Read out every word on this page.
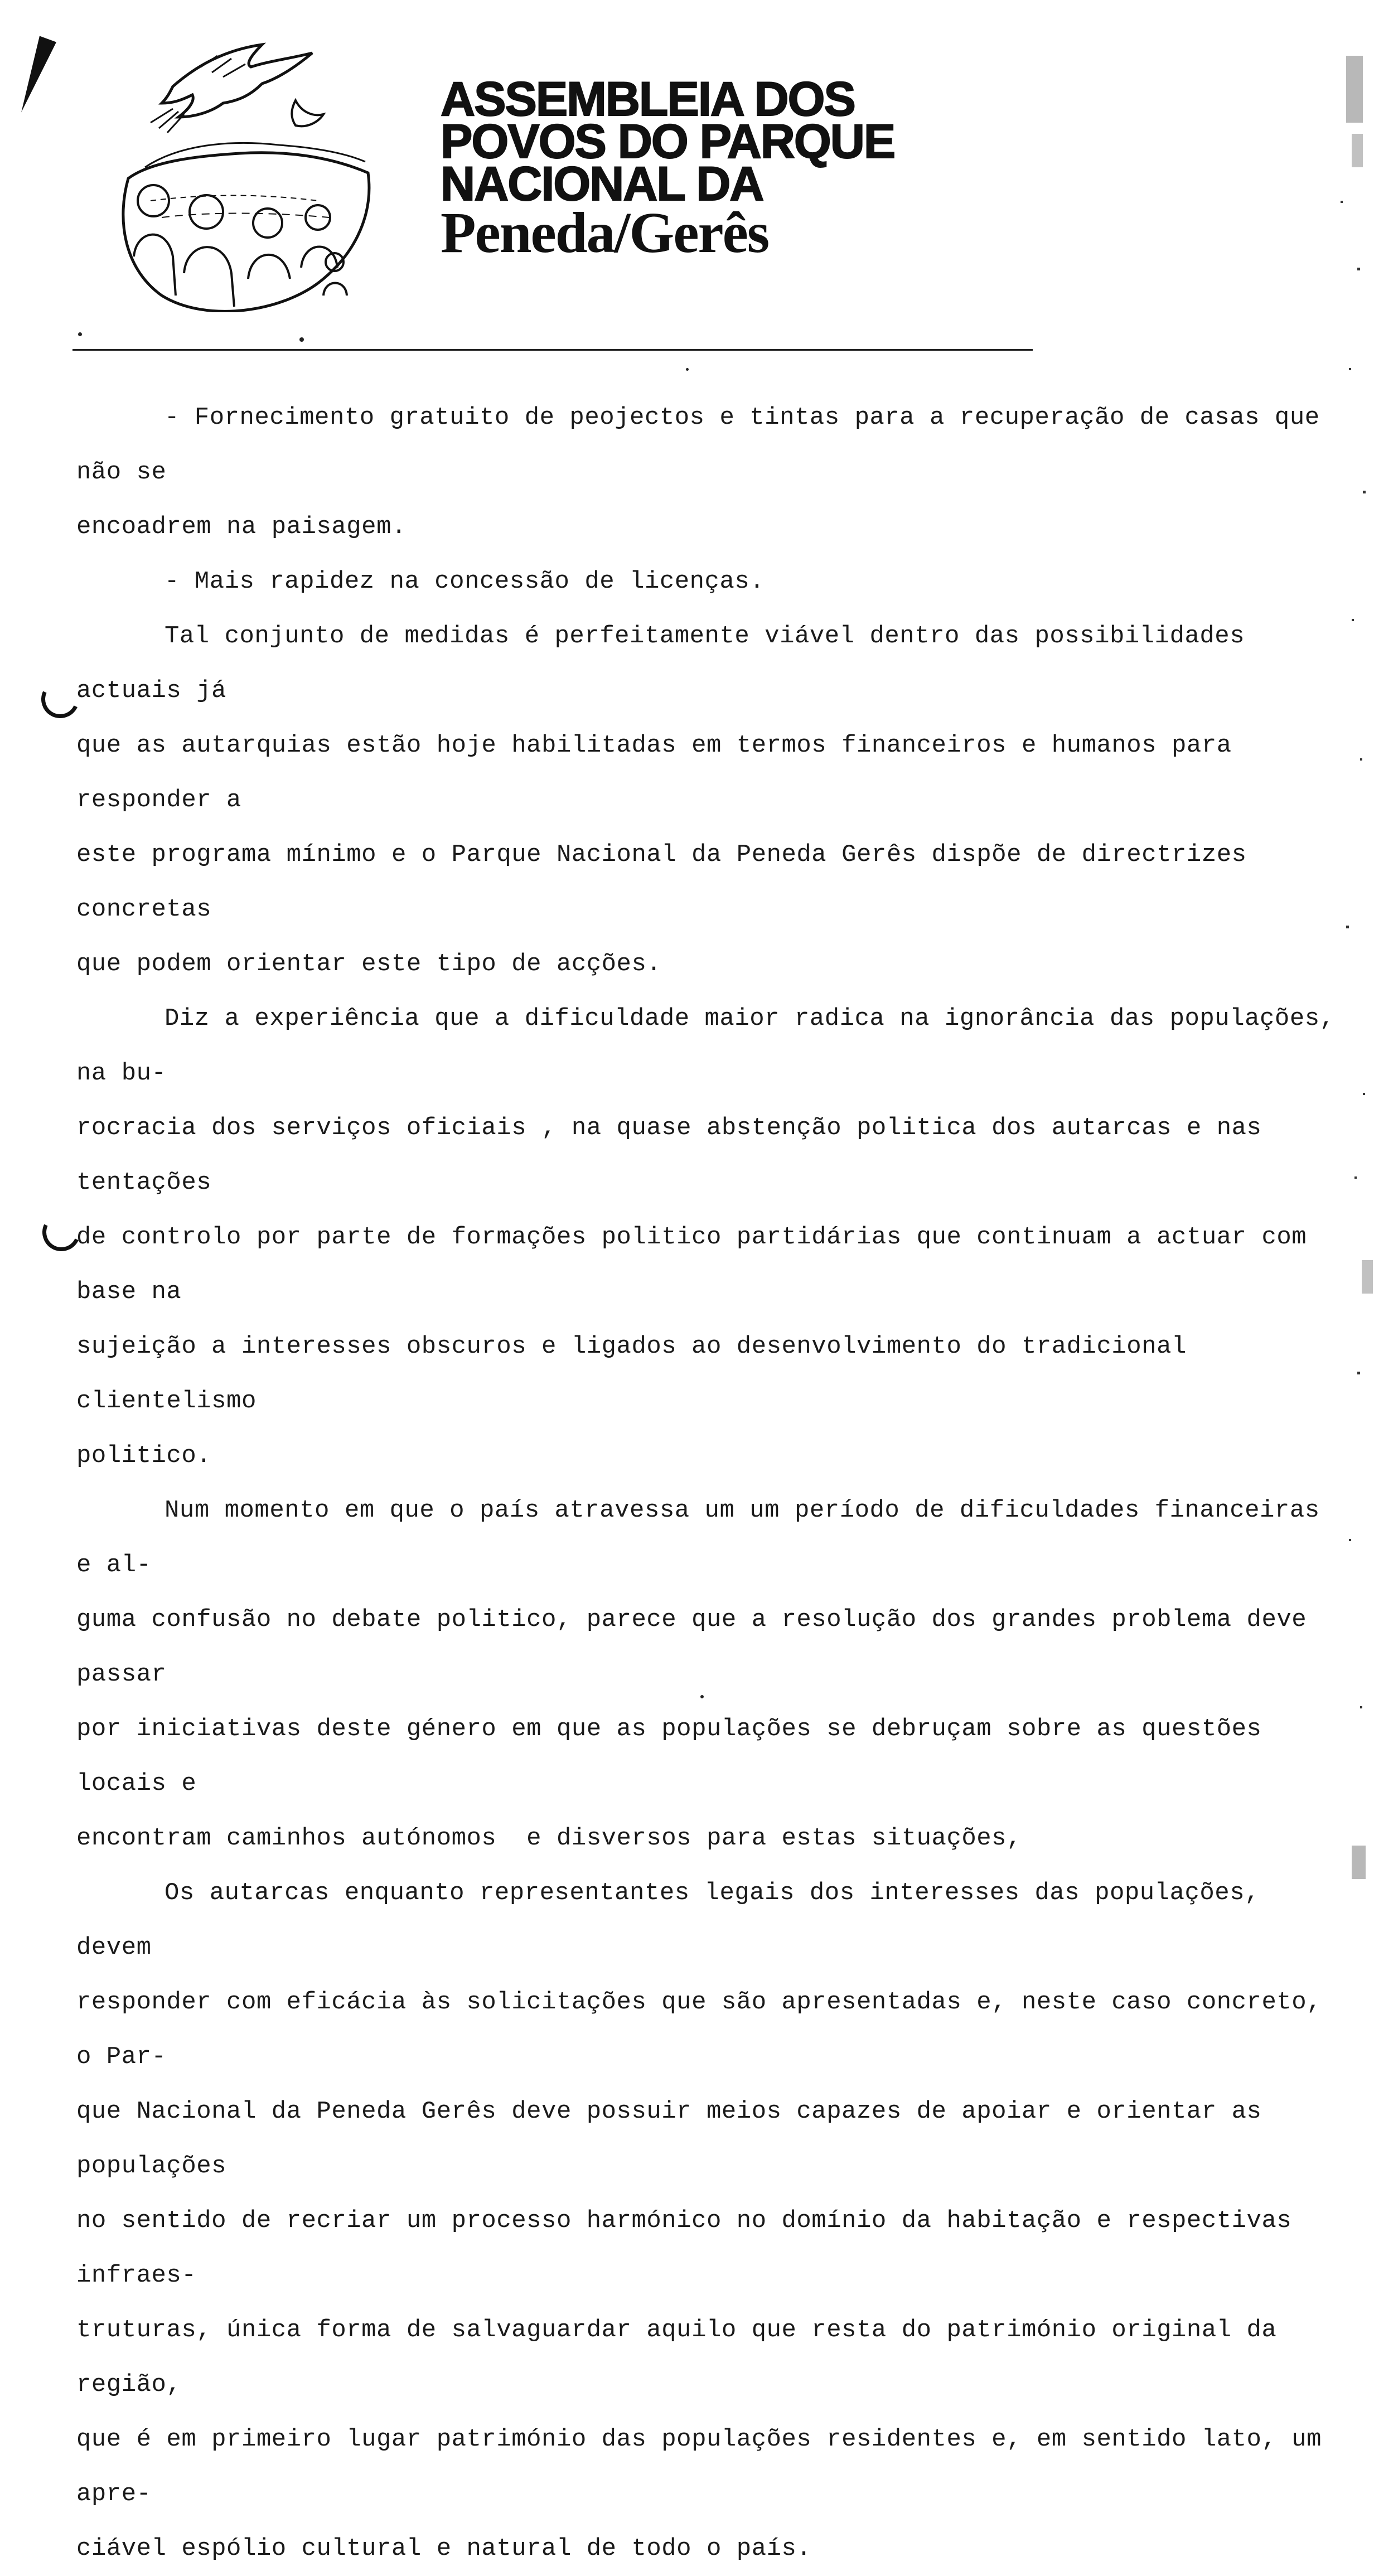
ASSEMBLEIA DOS
POVOS DO PARQUE
NACIONAL DA
Peneda/Gerês

- Fornecimento gratuito de peojectos e tintas para a recuperação de casas que não se
encoadrem na paisagem.

- Mais rapidez na concessão de licenças.

Tal conjunto de medidas é perfeitamente viável dentro das possibilidades actuais já
que as autarquias estão hoje habilitadas em termos financeiros e humanos para responder a
este programa mínimo e o Parque Nacional da Peneda Gerês dispõe de directrizes concretas
que podem orientar este tipo de acções.

Diz a experiência que a dificuldade maior radica na ignorância das populações, na bu-
rocracia dos serviços oficiais , na quase abstenção politica dos autarcas e nas tentações
de controlo por parte de formações politico partidárias que continuam a actuar com base na
sujeição a interesses obscuros e ligados ao desenvolvimento do tradicional clientelismo
politico.

Num momento em que o país atravessa um um período de dificuldades financeiras e al-
guma confusão no debate politico, parece que a resolução dos grandes problema deve passar
por iniciativas deste género em que as populações se debruçam sobre as questões locais e
encontram caminhos autónomos  e disversos para estas situações,

Os autarcas enquanto representantes legais dos interesses das populações, devem
responder com eficácia às solicitações que são apresentadas e, neste caso concreto, o Par-
que Nacional da Peneda Gerês deve possuir meios capazes de apoiar e orientar as populações
no sentido de recriar um processo harmónico no domínio da habitação e respectivas infraes-
truturas, única forma de salvaguardar aquilo que resta do património original da região,
que é em primeiro lugar património das populações residentes e, em sentido lato, um apre-
ciável espólio cultural e natural de todo o país.
